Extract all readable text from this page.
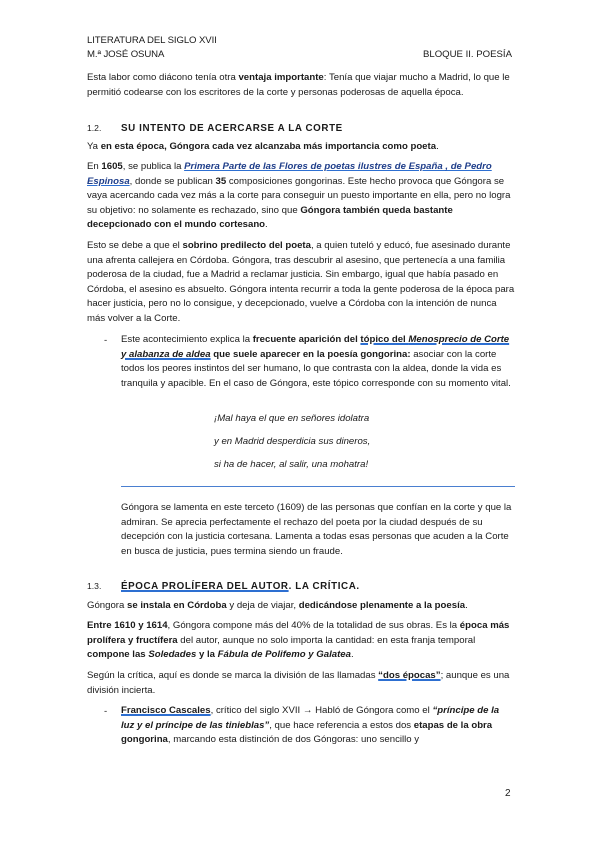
LITERATURA DEL SIGLO XVII
M.ª JOSÉ OSUNA	BLOQUE II. POESÍA

Esta labor como diácono tenía otra ventaja importante: Tenía que viajar mucho a Madrid, lo que le permitió codearse con los escritores de la corte y personas poderosas de aquella época.

1.2. SU INTENTO DE ACERCARSE A LA CORTE

Ya en esta época, Góngora cada vez alcanzaba más importancia como poeta.

En 1605, se publica la Primera Parte de las Flores de poetas ilustres de España , de Pedro Espinosa, donde se publican 35 composiciones gongorinas. Este hecho provoca que Góngora se vaya acercando cada vez más a la corte para conseguir un puesto importante en ella, pero no logra su objetivo: no solamente es rechazado, sino que Góngora también queda bastante decepcionado con el mundo cortesano.

Esto se debe a que el sobrino predilecto del poeta, a quien tuteló y educó, fue asesinado durante una afrenta callejera en Córdoba. Góngora, tras descubrir al asesino, que pertenecía a una familia poderosa de la ciudad, fue a Madrid a reclamar justicia. Sin embargo, igual que había pasado en Córdoba, el asesino es absuelto. Góngora intenta recurrir a toda la gente poderosa de la época para hacer justicia, pero no lo consigue, y decepcionado, vuelve a Córdoba con la intención de nunca más volver a la Corte.

- Este acontecimiento explica la frecuente aparición del tópico del Menosprecio de Corte y alabanza de aldea que suele aparecer en la poesía gongorina: asociar con la corte todos los peores instintos del ser humano, lo que contrasta con la aldea, donde la vida es tranquila y apacible. En el caso de Góngora, este tópico corresponde con su momento vital.

¡Mal haya el que en señores idolatra
y en Madrid desperdicia sus dineros,
si ha de hacer, al salir, una mohatra!

Góngora se lamenta en este terceto (1609) de las personas que confían en la corte y que la admiran. Se aprecia perfectamente el rechazo del poeta por la ciudad después de su decepción con la justicia cortesana. Lamenta a todas esas personas que acuden a la Corte en busca de justicia, pues termina siendo un fraude.

1.3. ÉPOCA PROLÍFERA DEL AUTOR. LA CRÍTICA.

Góngora se instala en Córdoba y deja de viajar, dedicándose plenamente a la poesía.

Entre 1610 y 1614, Góngora compone más del 40% de la totalidad de sus obras. Es la época más prolífera y fructífera del autor, aunque no solo importa la cantidad: en esta franja temporal compone las Soledades y la Fábula de Polifemo y Galatea.

Según la crítica, aquí es donde se marca la división de las llamadas “dos épocas”; aunque es una división incierta.

- Francisco Cascales, crítico del siglo XVII → Habló de Góngora como el “príncipe de la luz y el príncipe de las tinieblas”, que hace referencia a estos dos etapas de la obra gongorina, marcando esta distinción de dos Góngoras: uno sencillo y

2
